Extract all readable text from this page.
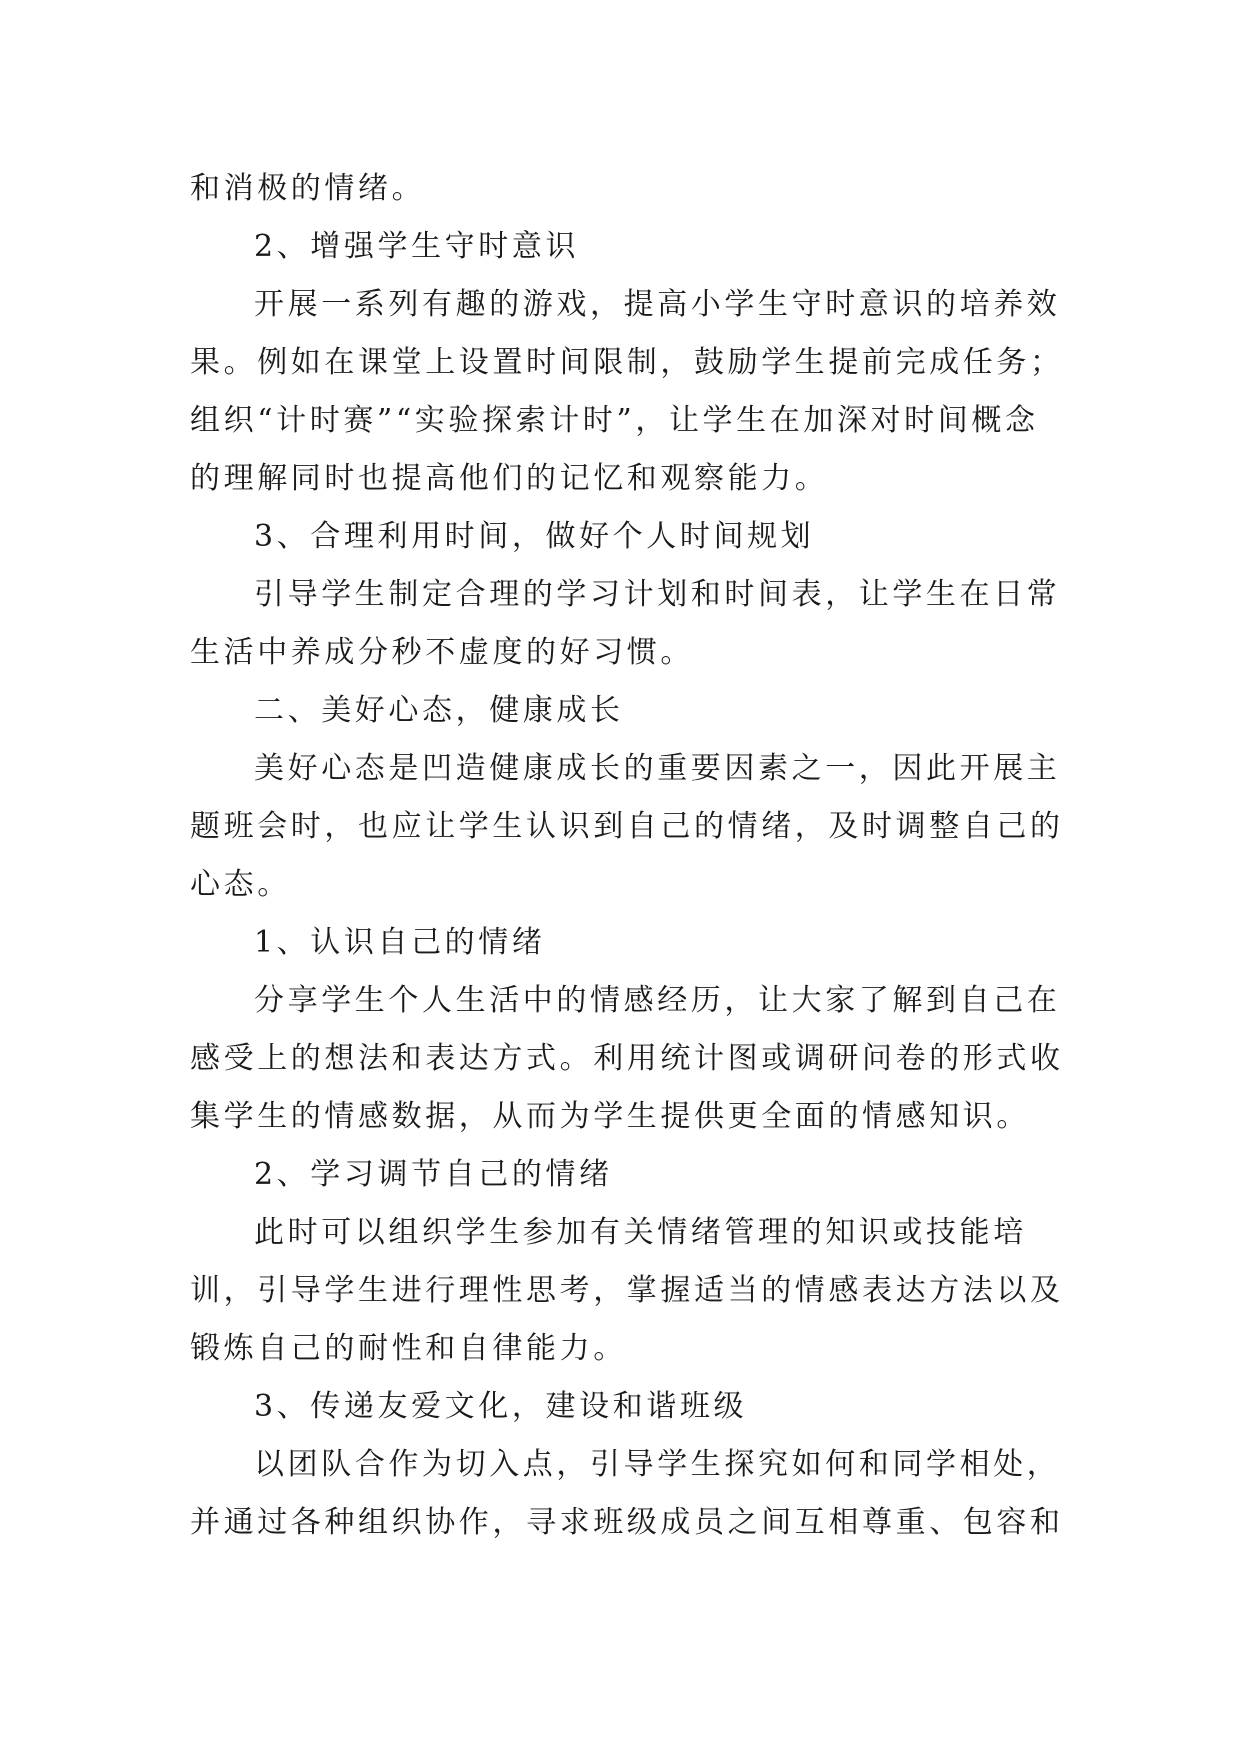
和消极的情绪。
2、增强学生守时意识
开展一系列有趣的游戏，提高小学生守时意识的培养效
果。例如在课堂上设置时间限制，鼓励学生提前完成任务；
组织“计时赛”“实验探索计时”，让学生在加深对时间概念
的理解同时也提高他们的记忆和观察能力。
3、合理利用时间，做好个人时间规划
引导学生制定合理的学习计划和时间表，让学生在日常
生活中养成分秒不虚度的好习惯。
二、美好心态，健康成长
美好心态是凹造健康成长的重要因素之一，因此开展主
题班会时，也应让学生认识到自己的情绪，及时调整自己的
心态。
1、认识自己的情绪
分享学生个人生活中的情感经历，让大家了解到自己在
感受上的想法和表达方式。利用统计图或调研问卷的形式收
集学生的情感数据，从而为学生提供更全面的情感知识。
2、学习调节自己的情绪
此时可以组织学生参加有关情绪管理的知识或技能培
训，引导学生进行理性思考，掌握适当的情感表达方法以及
锻炼自己的耐性和自律能力。
3、传递友爱文化，建设和谐班级
以团队合作为切入点，引导学生探究如何和同学相处，
并通过各种组织协作，寻求班级成员之间互相尊重、包容和
